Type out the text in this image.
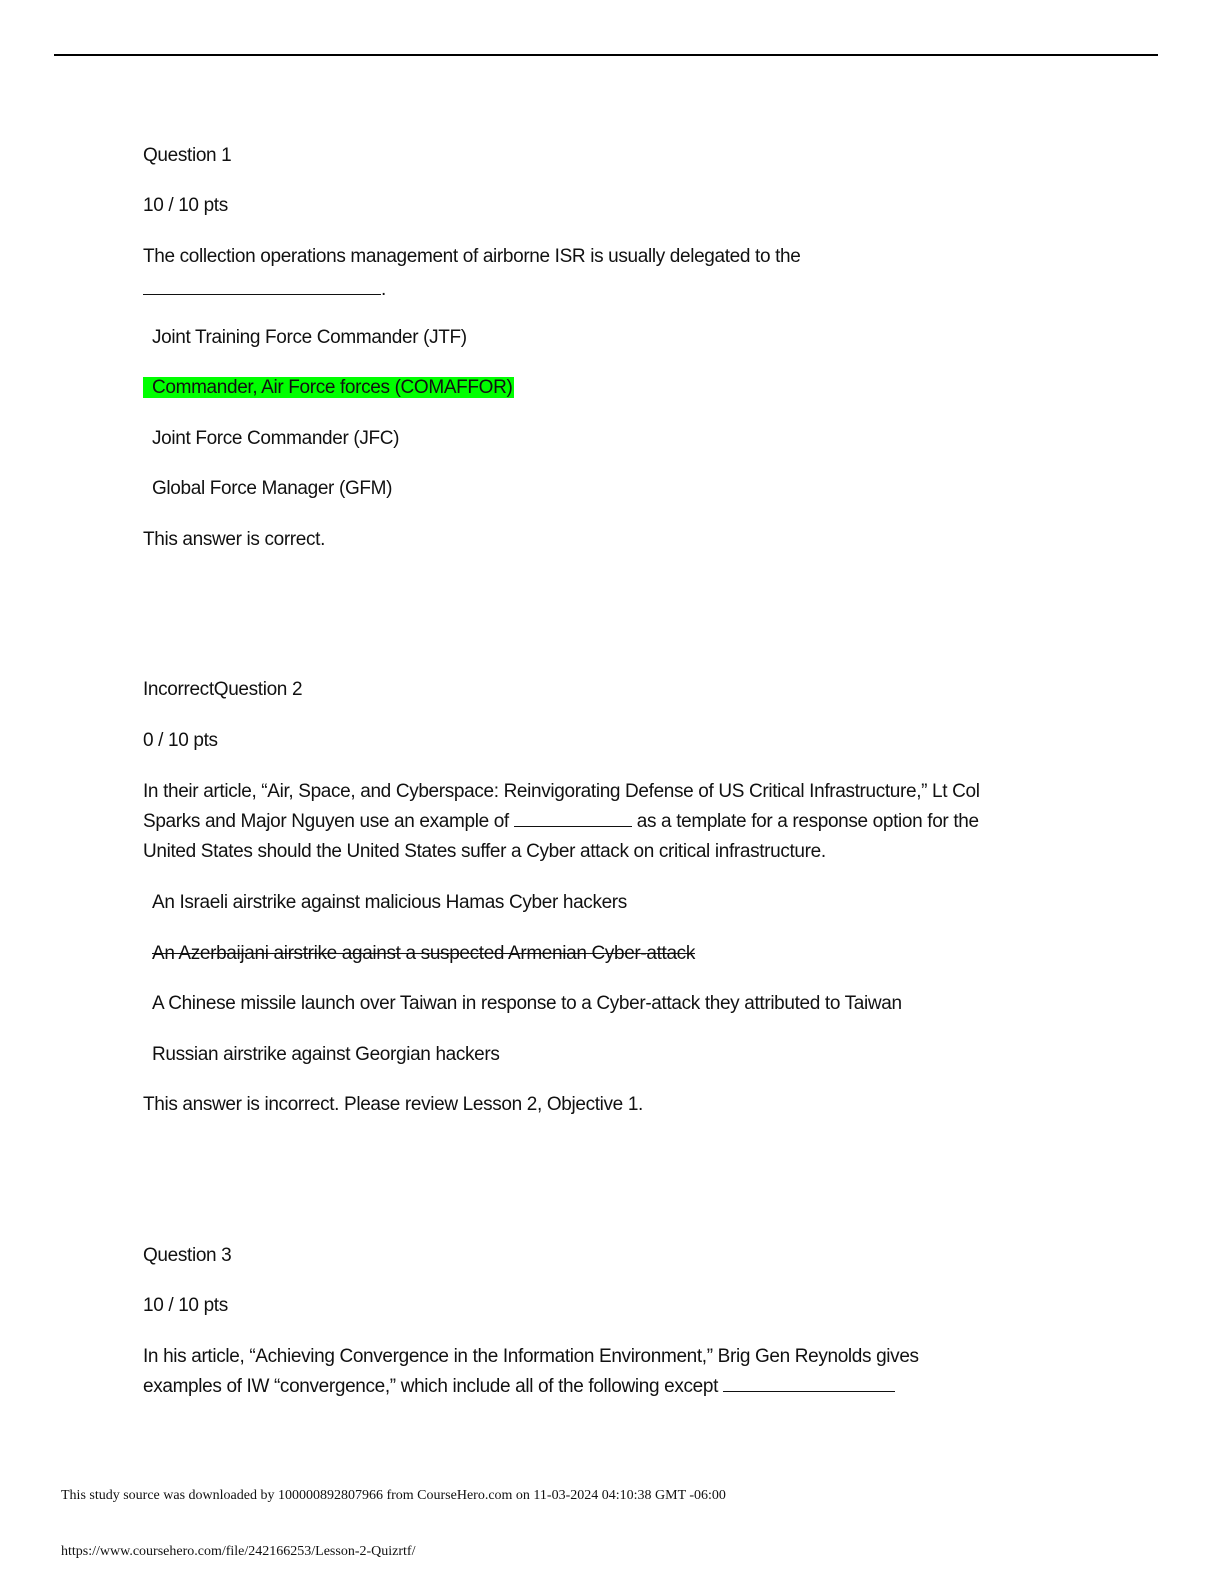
Question 1
10 / 10 pts
The collection operations management of airborne ISR is usually delegated to the
.
Joint Training Force Commander (JTF)
Commander, Air Force forces (COMAFFOR)
Joint Force Commander (JFC)
Global Force Manager (GFM)
This answer is correct.
IncorrectQuestion 2
0 / 10 pts
In their article, “Air, Space, and Cyberspace: Reinvigorating Defense of US Critical Infrastructure,” Lt Col
Sparks and Major Nguyen use an example of	as a template for a response option for the
United States should the United States suffer a Cyber attack on critical infrastructure.
An Israeli airstrike against malicious Hamas Cyber hackers
An Azerbaijani airstrike against a suspected Armenian Cyber-attack
A Chinese missile launch over Taiwan in response to a Cyber-attack they attributed to Taiwan
Russian airstrike against Georgian hackers
This answer is incorrect. Please review Lesson 2, Objective 1.
Question 3
10 / 10 pts
In his article, “Achieving Convergence in the Information Environment,” Brig Gen Reynolds gives
examples of IW “convergence,” which include all of the following except
This study source was downloaded by 100000892807966 from CourseHero.com on 11-03-2024 04:10:38 GMT -06:00
https://www.coursehero.com/file/242166253/Lesson-2-Quizrtf/
